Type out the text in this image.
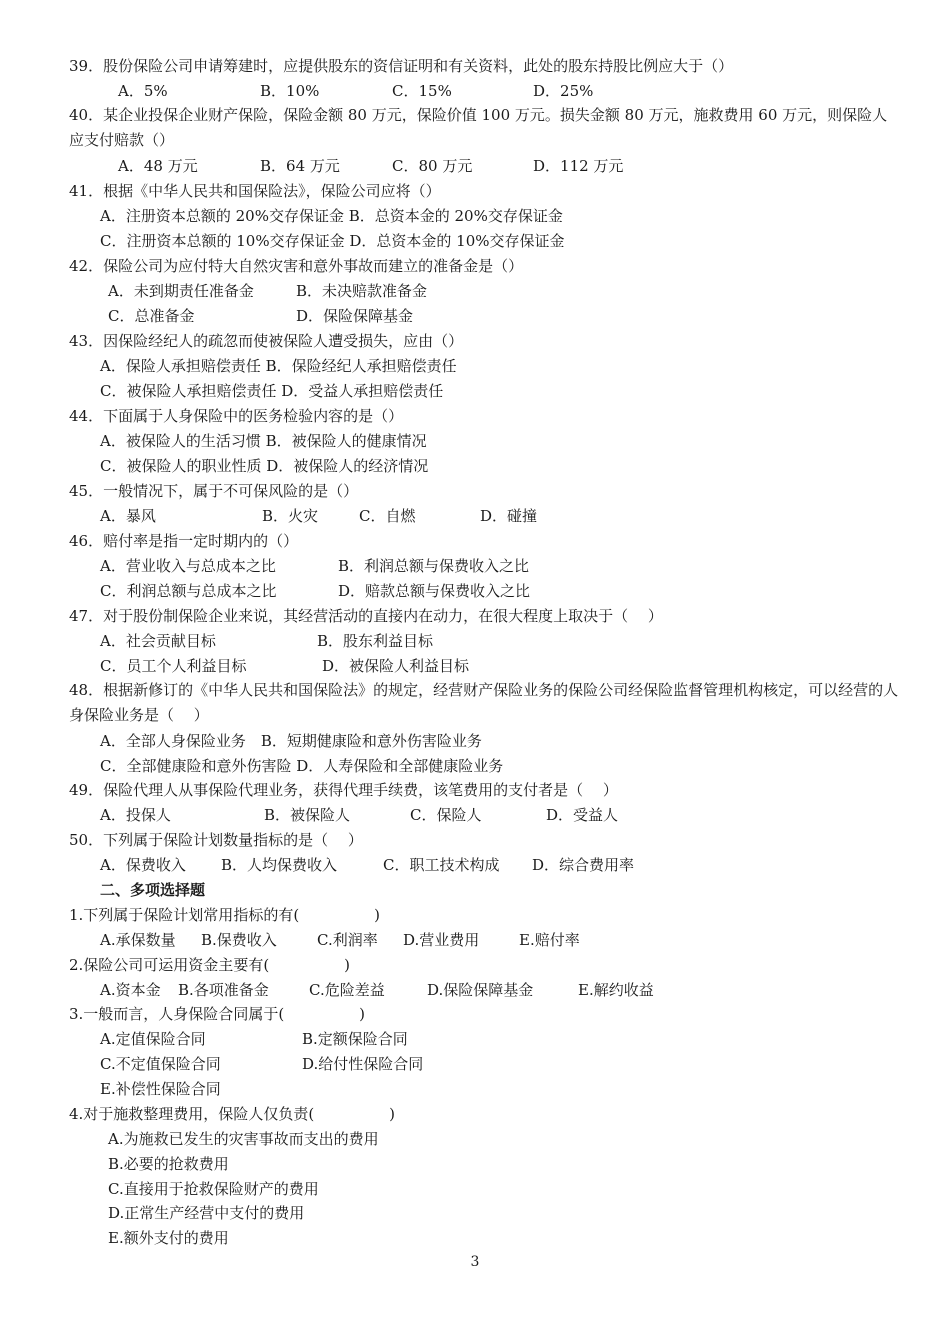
39．股份保险公司申请筹建时，应提供股东的资信证明和有关资料，此处的股东持股比例应大于（）
A．5%	B．10%	C．15%	D．25%
40．某企业投保企业财产保险，保险金额 80 万元，保险价值 100 万元。损失金额 80 万元，施救费用 60 万元，则保险人应支付赔款（）
A．48 万元	B．64 万元	C．80 万元	D．112 万元
41．根据《中华人民共和国保险法》，保险公司应将（）
A．注册资本总额的 20%交存保证金 B．总资本金的 20%交存保证金
C．注册资本总额的 10%交存保证金 D．总资本金的 10%交存保证金
42．保险公司为应付特大自然灾害和意外事故而建立的准备金是（）
A．未到期责任准备金	B．未决赔款准备金
C．总准备金	D．保险保障基金
43．因保险经纪人的疏忽而使被保险人遭受损失，应由（）
A．保险人承担赔偿责任 B．保险经纪人承担赔偿责任
C．被保险人承担赔偿责任 D．受益人承担赔偿责任
44．下面属于人身保险中的医务检验内容的是（）
A．被保险人的生活习惯 B．被保险人的健康情况
C．被保险人的职业性质 D．被保险人的经济情况
45．一般情况下，属于不可保风险的是（）
A．暴风	B．火灾	C．自燃	D．碰撞
46．赔付率是指一定时期内的（）
A．营业收入与总成本之比	B．利润总额与保费收入之比
C．利润总额与总成本之比	D．赔款总额与保费收入之比
47．对于股份制保险企业来说，其经营活动的直接内在动力，在很大程度上取决于（　 ）
A．社会贡献目标	B．股东利益目标
C．员工个人利益目标	D．被保险人利益目标
48．根据新修订的《中华人民共和国保险法》的规定，经营财产保险业务的保险公司经保险监督管理机构核定，可以经营的人身保险业务是（　 ）
A．全部人身保险业务　B．短期健康险和意外伤害险业务
C．全部健康险和意外伤害险 D．人寿保险和全部健康险业务
49．保险代理人从事保险代理业务，获得代理手续费，该笔费用的支付者是（　 ）
A．投保人	B．被保险人	C．保险人	D．受益人
50．下列属于保险计划数量指标的是（　 ）
A．保费收入 B．人均保费收入	C．职工技术构成 D．综合费用率
二、多项选择题
1.下列属于保险计划常用指标的有(　　　　　)
A.承保数量 B.保费收入	C.利润率 D.营业费用	E.赔付率
2.保险公司可运用资金主要有(　　　　　)
A.资本金 B.各项准备金	C.危险差益	D.保险保障基金	E.解约收益
3.一般而言，人身保险合同属于(　　　　　)
A.定值保险合同	B.定额保险合同
C.不定值保险合同	D.给付性保险合同
E.补偿性保险合同
4.对于施救整理费用，保险人仅负责(　　　　　)
A.为施救已发生的灾害事故而支出的费用
B.必要的抢救费用
C.直接用于抢救保险财产的费用
D.正常生产经营中支付的费用
E.额外支付的费用
3
